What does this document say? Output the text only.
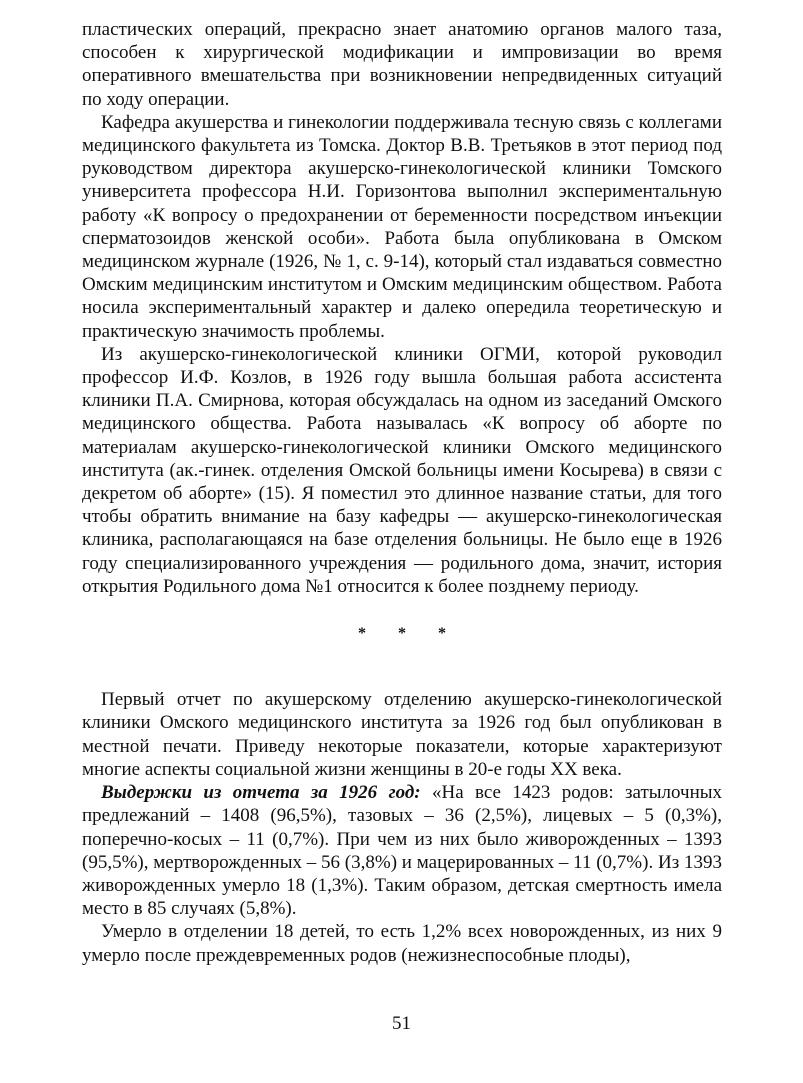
пластических операций, прекрасно знает анатомию органов малого таза, способен к хирургической модификации и импровизации во время оперативного вмешательства при возникновении непредвиденных ситуаций по ходу операции.

Кафедра акушерства и гинекологии поддерживала тесную связь с коллегами медицинского факультета из Томска. Доктор В.В. Третьяков в этот период под руководством директора акушерско-гинекологической клиники Томского университета профессора Н.И. Горизонтова выполнил экспериментальную работу «К вопросу о предохранении от беременности посредством инъекции сперматозоидов женской особи». Работа была опубликована в Омском медицинском журнале (1926, № 1, с. 9-14), который стал издаваться совместно Омским медицинским институтом и Омским медицинским обществом. Работа носила экспериментальный характер и далеко опередила теоретическую и практическую значимость проблемы.

Из акушерско-гинекологической клиники ОГМИ, которой руководил профессор И.Ф. Козлов, в 1926 году вышла большая работа ассистента клиники П.А. Смирнова, которая обсуждалась на одном из заседаний Омского медицинского общества. Работа называлась «К вопросу об аборте по материалам акушерско-гинекологической клиники Омского медицинского института (ак.-гинек. отделения Омской больницы имени Косырева) в связи с декретом об аборте» (15). Я поместил это длинное название статьи, для того чтобы обратить внимание на базу кафедры — акушерско-гинекологическая клиника, располагающаяся на базе отделения больницы. Не было еще в 1926 году специализированного учреждения — родильного дома, значит, история открытия Родильного дома №1 относится к более позднему периоду.

* * *

Первый отчет по акушерскому отделению акушерско-гинекологической клиники Омского медицинского института за 1926 год был опубликован в местной печати. Приведу некоторые показатели, которые характеризуют многие аспекты социальной жизни женщины в 20-е годы XX века.

Выдержки из отчета за 1926 год: «На все 1423 родов: затылочных предлежаний – 1408 (96,5%), тазовых – 36 (2,5%), лицевых – 5 (0,3%), поперечно-косых – 11 (0,7%). При чем из них было живорожденных – 1393 (95,5%), мертворожденных – 56 (3,8%) и мацерированных – 11 (0,7%). Из 1393 живорожденных умерло 18 (1,3%). Таким образом, детская смертность имела место в 85 случаях (5,8%).

Умерло в отделении 18 детей, то есть 1,2% всех новорожденных, из них 9 умерло после преждевременных родов (нежизнеспособные плоды),

51
